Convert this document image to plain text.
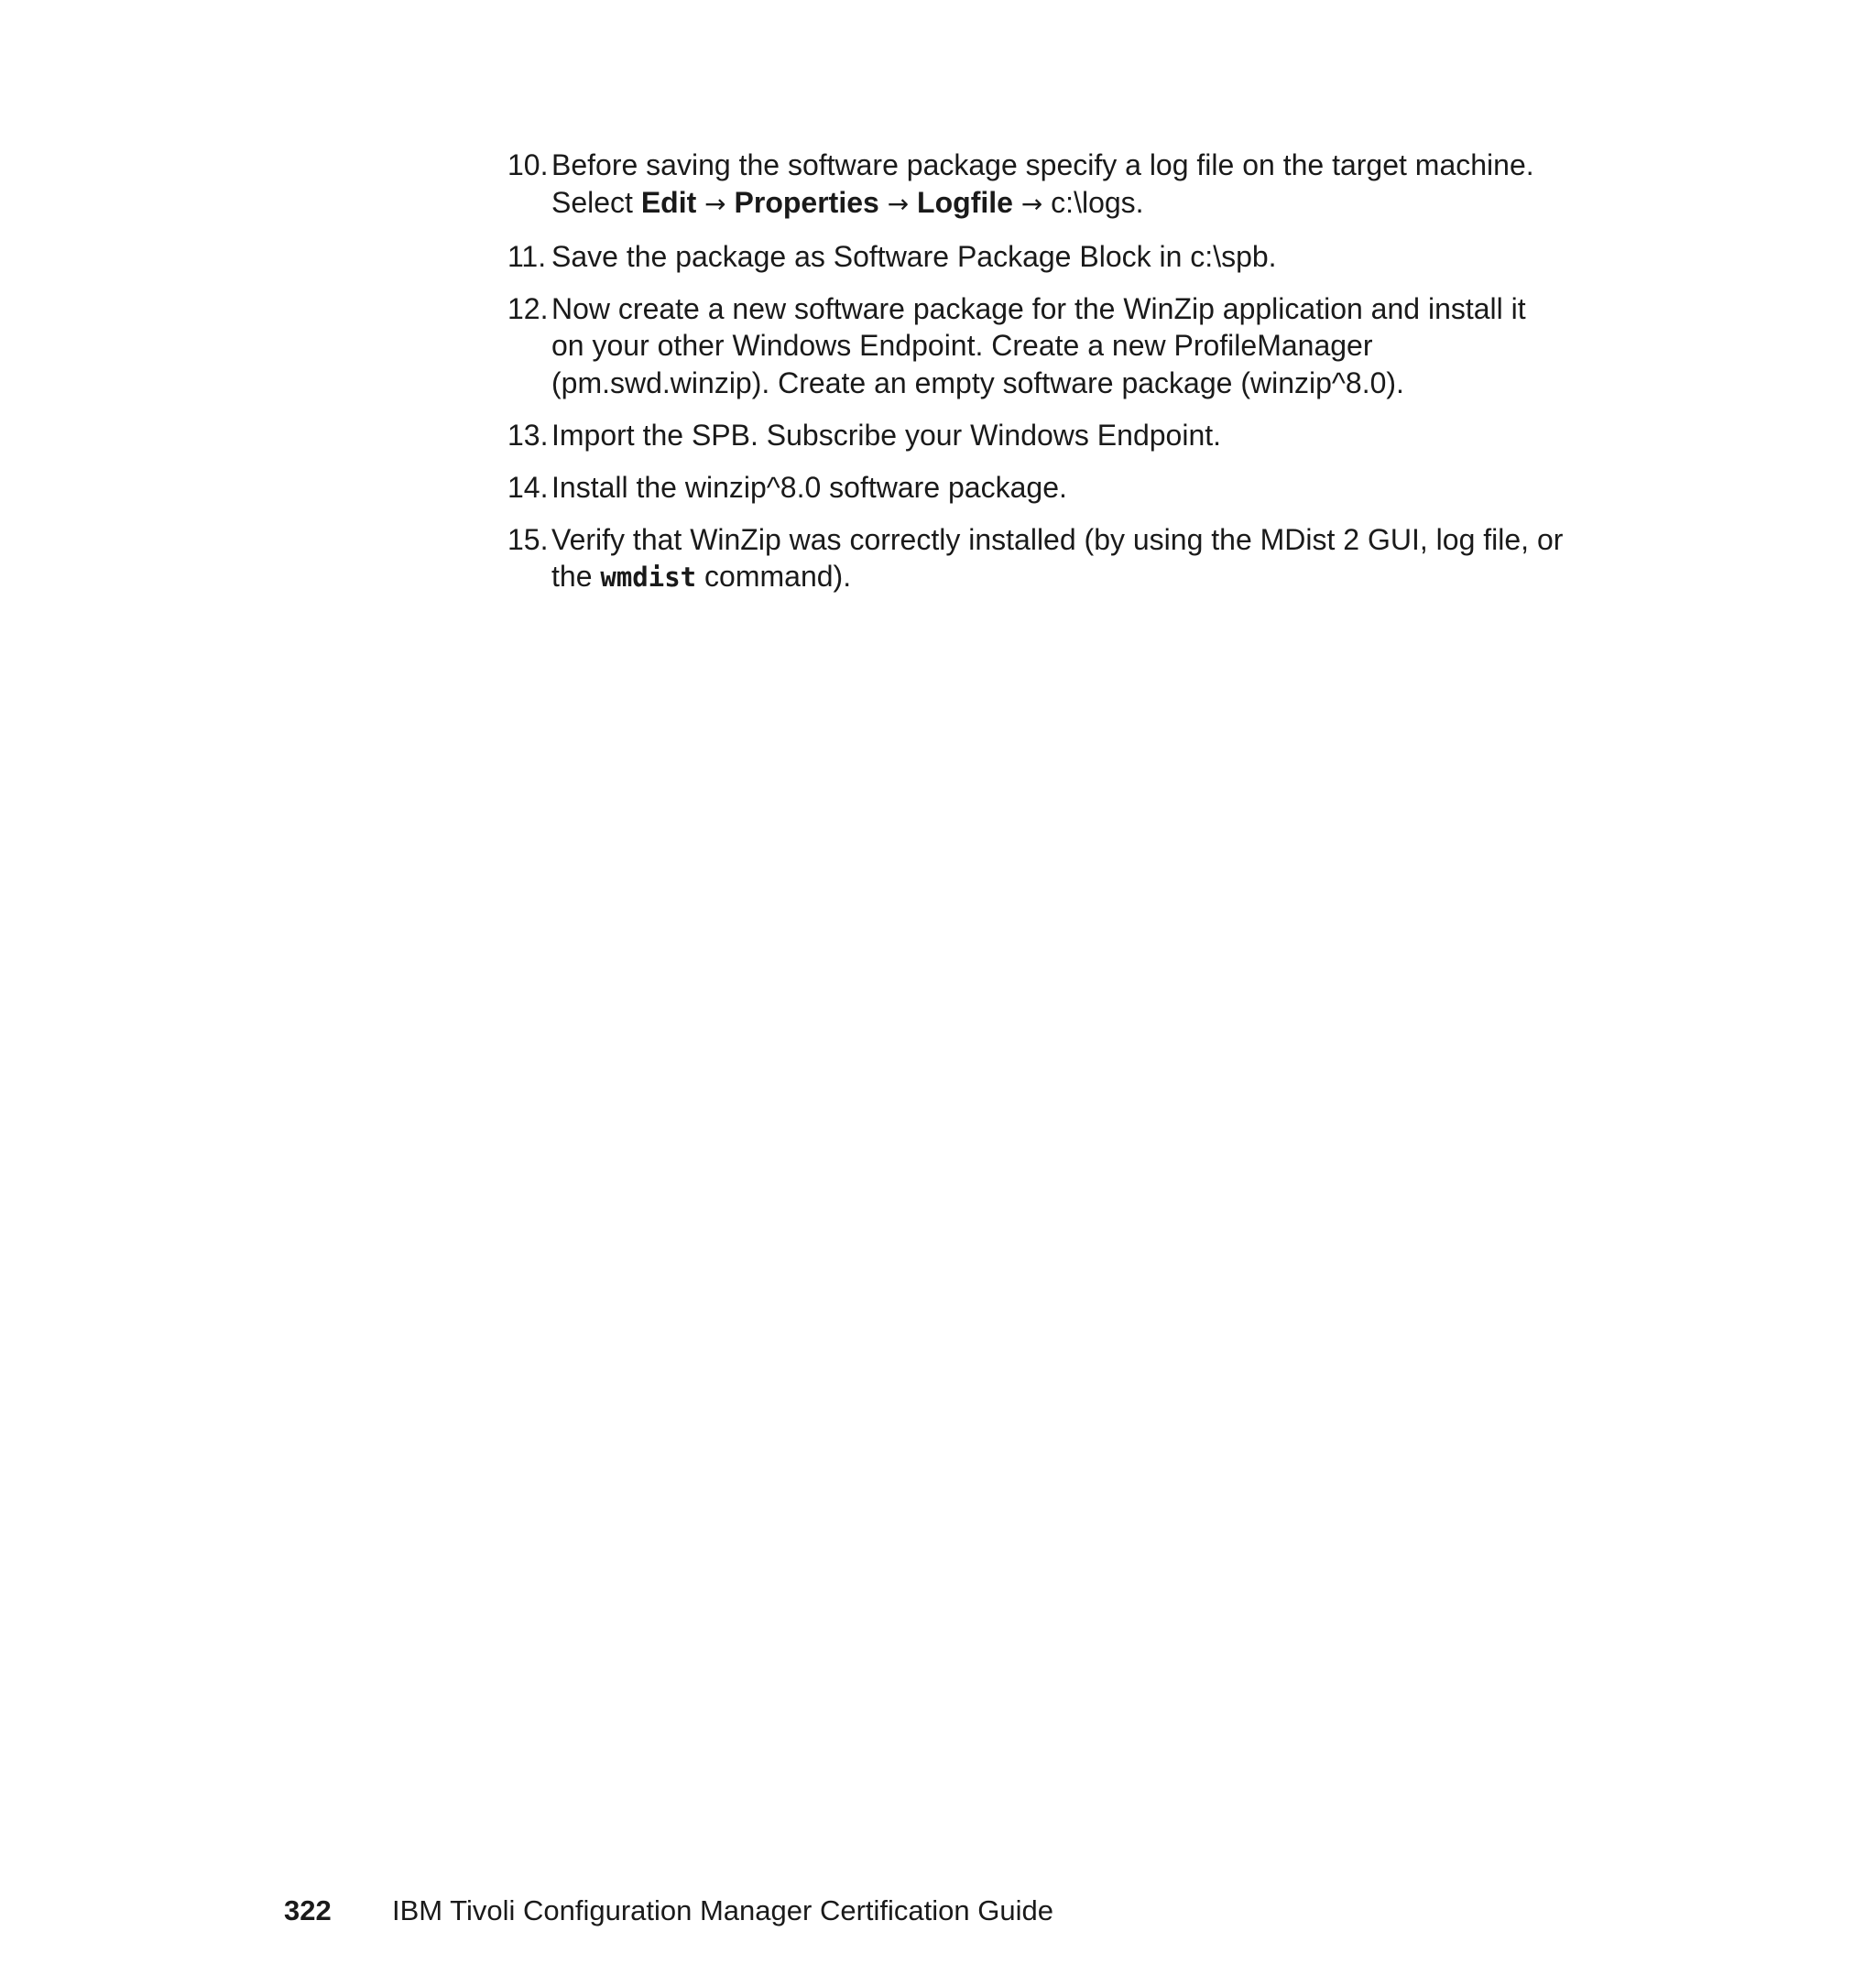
10. Before saving the software package specify a log file on the target machine.
Select Edit → Properties → Logfile → c:\logs.
11. Save the package as Software Package Block in c:\spb.
12. Now create a new software package for the WinZip application and install it
on your other Windows Endpoint. Create a new ProfileManager
(pm.swd.winzip). Create an empty software package (winzip^8.0).
13. Import the SPB. Subscribe your Windows Endpoint.
14. Install the winzip^8.0 software package.
15. Verify that WinZip was correctly installed (by using the MDist 2 GUI, log file, or
the wmdist command).
322 IBM Tivoli Configuration Manager Certification Guide
